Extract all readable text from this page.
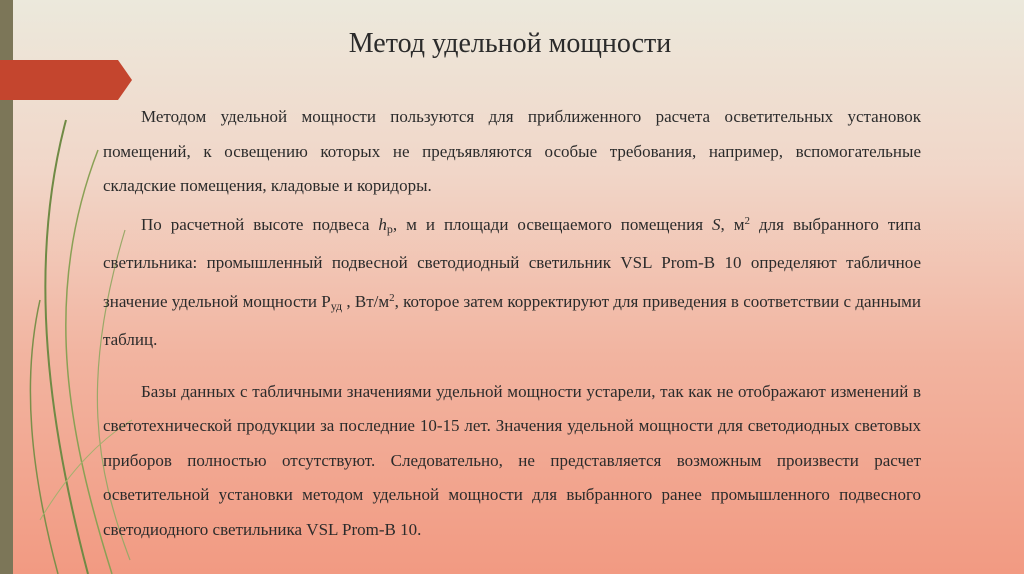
Метод удельной мощности

Методом удельной мощности пользуются для приближенного расчета осветительных установок помещений, к освещению которых не предъявляются особые требования, например, вспомогательные складские помещения, кладовые и коридоры.

По расчетной высоте подвеса $h_р$, м и площади освещаемого помещения S, $м^2$ для выбранного типа светильника: промышленный подвесной светодиодный светильник VSL Prom-B 10 определяют табличное значение удельной мощности $P_{уд}$ , $Вт/м^2$, которое затем корректируют для приведения в соответствии с данными таблиц.

Базы данных с табличными значениями удельной мощности устарели, так как не отображают изменений в светотехнической продукции за последние 10-15 лет. Значения удельной мощности для светодиодных световых приборов полностью отсутствуют. Следовательно, не представляется возможным произвести расчет осветительной установки методом удельной мощности для выбранного ранее промышленного подвесного светодиодного светильника VSL Prom-B 10.
